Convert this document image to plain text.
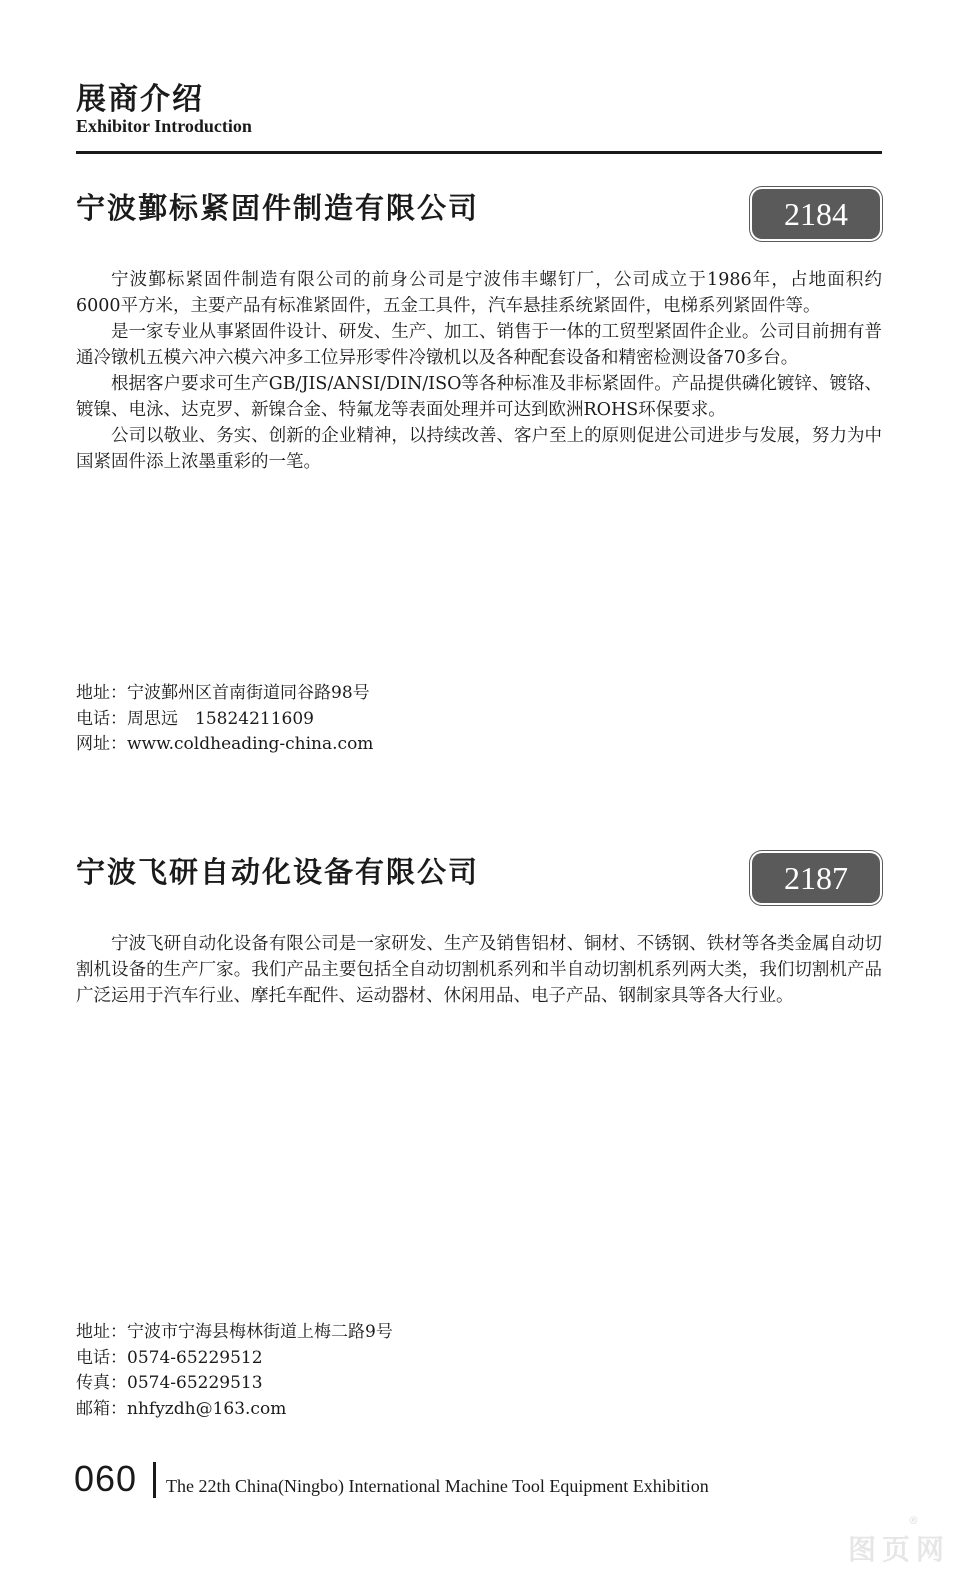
展商介绍
Exhibitor Introduction
宁波鄞标紧固件制造有限公司	2184

宁波鄞标紧固件制造有限公司的前身公司是宁波伟丰螺钉厂，公司成立于1986年，占地面积约6000平方米，主要产品有标准紧固件，五金工具件，汽车悬挂系统紧固件，电梯系列紧固件等。

是一家专业从事紧固件设计、研发、生产、加工、销售于一体的工贸型紧固件企业。公司目前拥有普通冷镦机五模六冲六模六冲多工位异形零件冷镦机以及各种配套设备和精密检测设备70多台。

根据客户要求可生产GB/JIS/ANSI/DIN/ISO等各种标准及非标紧固件。产品提供磷化镀锌、镀铬、镀镍、电泳、达克罗、新镍合金、特氟龙等表面处理并可达到欧洲ROHS环保要求。

公司以敬业、务实、创新的企业精神，以持续改善、客户至上的原则促进公司进步与发展，努力为中国紧固件添上浓墨重彩的一笔。

地址：宁波鄞州区首南街道同谷路98号
电话：周思远　15824211609
网址：www.coldheading-china.com
宁波飞研自动化设备有限公司	2187

宁波飞研自动化设备有限公司是一家研发、生产及销售铝材、铜材、不锈钢、铁材等各类金属自动切割机设备的生产厂家。我们产品主要包括全自动切割机系列和半自动切割机系列两大类，我们切割机产品广泛运用于汽车行业、摩托车配件、运动器材、休闲用品、电子产品、钢制家具等各大行业。

地址：宁波市宁海县梅林街道上梅二路9号
电话：0574-65229512
传真：0574-65229513
邮箱：nhfyzdh@163.com
060 The 22th China(Ningbo) International Machine Tool Equipment Exhibition
图页网
®
